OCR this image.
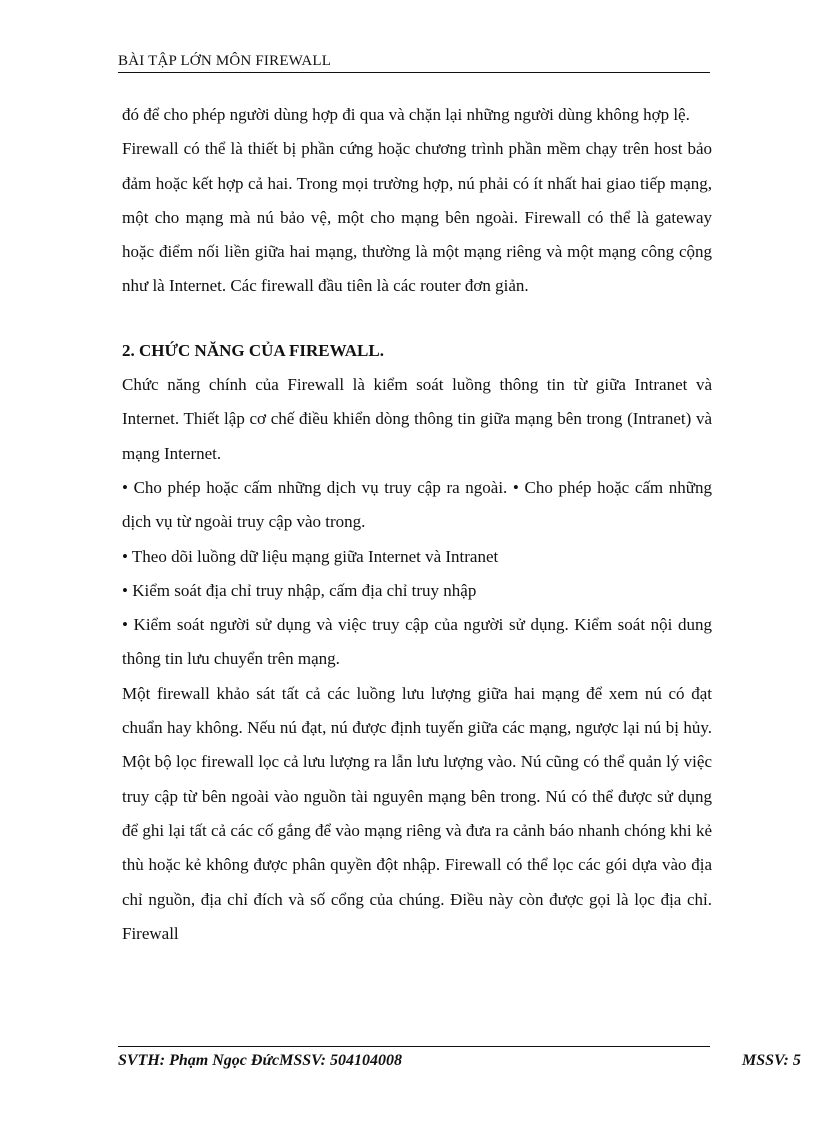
BÀI TẬP LỚN MÔN FIREWALL

đó để cho phép người dùng hợp đi qua và chặn lại những người dùng không hợp lệ.

Firewall có thể là thiết bị phần cứng hoặc chương trình phần mềm chạy trên host bảo đảm hoặc kết hợp cả hai. Trong mọi trường hợp, nú phải có ít nhất hai giao tiếp mạng, một cho mạng mà nú bảo vệ, một cho mạng bên ngoài. Firewall có thể là gateway hoặc điểm nối liền giữa hai mạng, thường là một mạng riêng và một mạng công cộng như là Internet. Các firewall đầu tiên là các router đơn giản.

2. CHỨC NĂNG CỦA FIREWALL.

Chức năng chính của Firewall là kiểm soát luồng thông tin từ giữa Intranet và Internet. Thiết lập cơ chế điều khiển dòng thông tin giữa mạng bên trong (Intranet) và mạng Internet.

• Cho phép hoặc cấm những dịch vụ truy cập ra ngoài. • Cho phép hoặc cấm những dịch vụ từ ngoài truy cập vào trong.

• Theo dõi luồng dữ liệu mạng giữa Internet và Intranet

• Kiểm soát địa chỉ truy nhập, cấm địa chỉ truy nhập

• Kiểm soát người sử dụng và việc truy cập của người sử dụng. Kiểm soát nội dung thông tin lưu chuyển trên mạng.

Một firewall khảo sát tất cả các luồng lưu lượng giữa hai mạng để xem nú có đạt chuẩn hay không. Nếu nú đạt, nú được định tuyến giữa các mạng, ngược lại nú bị hủy. Một bộ lọc firewall lọc cả lưu lượng ra lẫn lưu lượng vào. Nú cũng có thể quản lý việc truy cập từ bên ngoài vào nguồn tài nguyên mạng bên trong. Nú có thể được sử dụng để ghi lại tất cả các cố gắng để vào mạng riêng và đưa ra cảnh báo nhanh chóng khi kẻ thù hoặc kẻ không được phân quyền đột nhập. Firewall có thể lọc các gói dựa vào địa chỉ nguồn, địa chỉ đích và số cổng của chúng. Điều này còn được gọi là lọc địa chỉ. Firewall

SVTH: Phạm Ngọc ĐứcMSSV: 504104008	MSSV: 5
